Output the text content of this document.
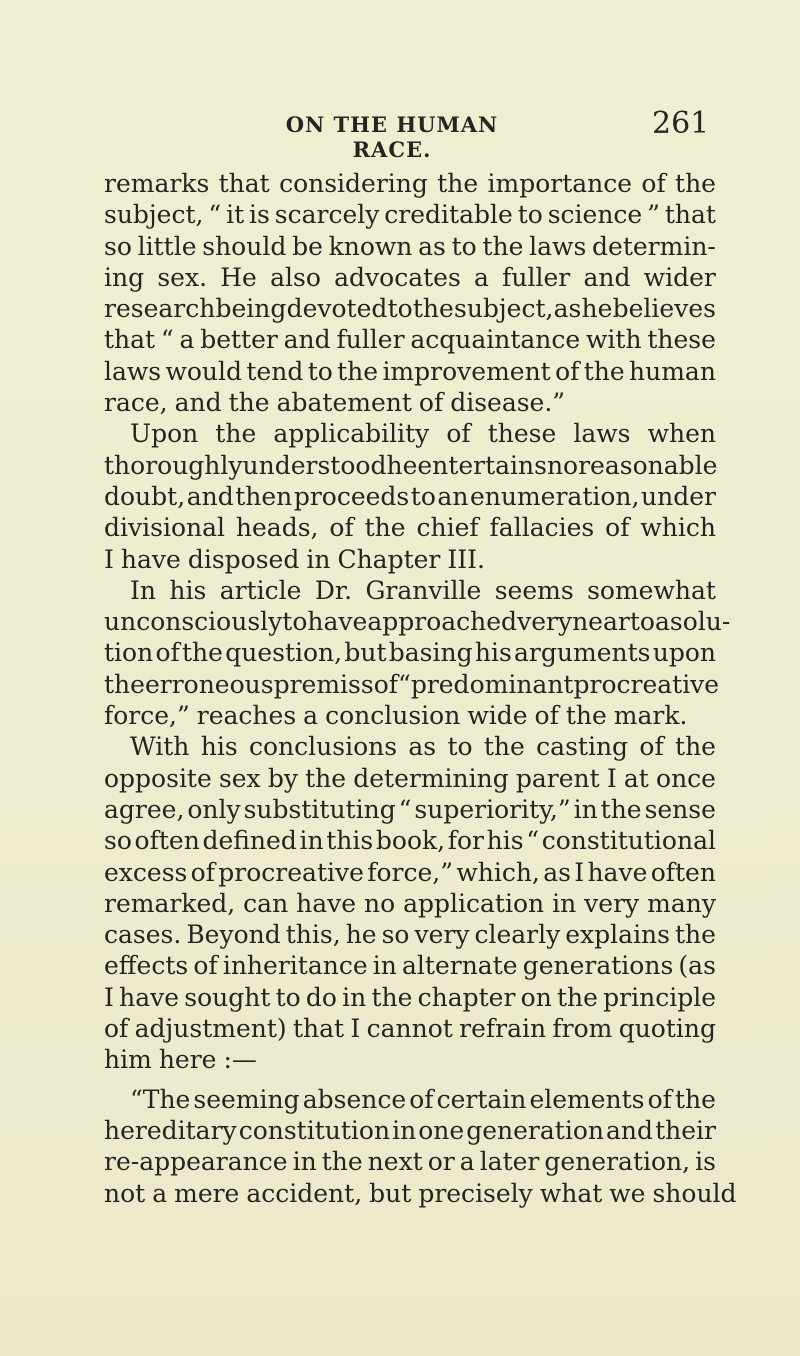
ON THE HUMAN RACE.
261
remarks that considering the importance of the
subject, “ it is scarcely creditable to science ” that
so little should be known as to the laws determin-
ing sex. He also advocates a fuller and wider
research being devoted to the subject, as he believes
that “ a better and fuller acquaintance with these
laws would tend to the improvement of the human
race, and the abatement of disease.”
Upon the applicability of these laws when
thoroughly understood he entertains no reasonable
doubt, and then proceeds to an enumeration, under
divisional heads, of the chief fallacies of which
I have disposed in Chapter III.
In his article Dr. Granville seems somewhat
unconsciously to have approached very near to a solu-
tion of the question, but basing his arguments upon
the erroneous premiss of “ predominant procreative
force,” reaches a conclusion wide of the mark.
With his conclusions as to the casting of the
opposite sex by the determining parent I at once
agree, only substituting “ superiority,” in the sense
so often defined in this book, for his “ constitutional
excess of procreative force,” which, as I have often
remarked, can have no application in very many
cases. Beyond this, he so very clearly explains the
effects of inheritance in alternate generations (as
I have sought to do in the chapter on the principle
of adjustment) that I cannot refrain from quoting
him here :—
“The seeming absence of certain elements of the
hereditary constitution in one generation and their
re-appearance in the next or a later generation, is
not a mere accident, but precisely what we should
